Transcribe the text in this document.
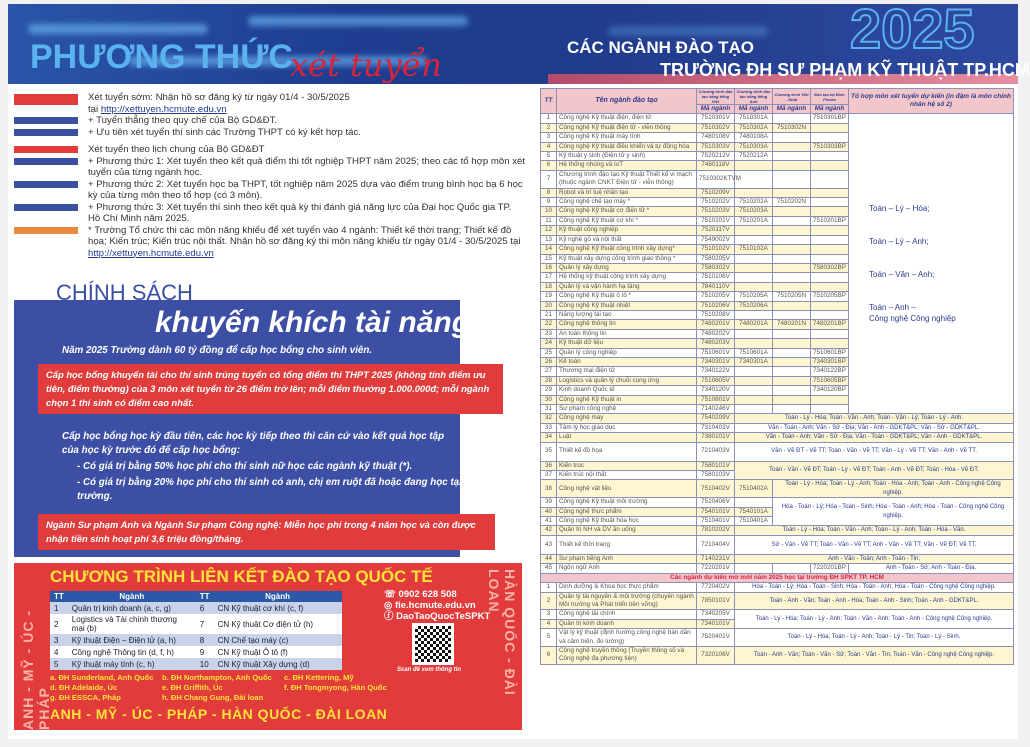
PHƯƠNG THỨC
xét tuyển	CÁC NGÀNH ĐÀO TẠO 2025
TRƯỜNG ĐH SƯ PHẠM KỸ THUẬT TP.HCM
Xét tuyển sớm: Nhận hồ sơ đăng ký từ ngày 01/4 - 30/5/2025
tại http://xettuyen.hcmute.edu.vn
+ Tuyển thẳng theo quy chế của Bộ GD&ĐT.
+ Ưu tiên xét tuyển thí sinh các Trường THPT có ký kết hợp tác.
Xét tuyển theo lịch chung của Bộ GD&ĐT
+ Phương thức 1: Xét tuyển theo kết quả điểm thi tốt nghiệp THPT năm 2025; theo các tổ hợp môn xét tuyển của từng ngành học.
+ Phương thức 2: Xét tuyển học bạ THPT, tốt nghiệp năm 2025 dựa vào điểm trung bình học bạ 6 học kỳ của từng môn theo tổ hợp (có 3 môn).
+ Phương thức 3: Xét tuyển thí sinh theo kết quả kỳ thi đánh giá năng lực của Đại học Quốc gia TP. Hồ Chí Minh năm 2025.
* Trường Tổ chức thi các môn năng khiếu để xét tuyển vào 4 ngành: Thiết kế thời trang; Thiết kế đồ họa; Kiến trúc; Kiến trúc nội thất. Nhận hồ sơ đăng ký thi môn năng khiếu từ ngày 01/4 - 30/5/2025 tại http://xettuyen.hcmute.edu.vn
CHÍNH SÁCH
khuyến khích tài năng
Năm 2025 Trường dành 60 tỷ đồng để cấp học bổng cho sinh viên.
Cấp học bổng khuyến tài cho thí sinh trúng tuyển có tổng điểm thi THPT 2025 (không tính điểm ưu tiên, điểm thưởng) của 3 môn xét tuyển từ 26 điểm trở lên; mỗi điểm thưởng 1.000.000đ; mỗi ngành chọn 1 thí sinh có điểm cao nhất.
Cấp học bổng học kỳ đầu tiên, các học kỳ tiếp theo thì căn cứ vào kết quả học tập của học kỳ trước đó để cấp học bổng:
- Có giá trị bằng 50% học phí cho thí sinh nữ học các ngành kỹ thuật (*).
- Có giá trị bằng 20% học phí cho thí sinh có anh, chị em ruột đã hoặc đang học tại trường.
Ngành Sư phạm Anh và Ngành Sư phạm Công nghệ: Miễn học phí trong 4 năm học và còn được nhận tiền sinh hoạt phí 3,6 triệu đồng/tháng.
ANH - MỸ - ÚC - PHÁP
HÀN QUỐC - ĐÀI LOAN
CHƯƠNG TRÌNH LIÊN KẾT ĐÀO TẠO QUỐC TẾ
TT	Ngành	TT	Ngành
1	Quản trị kinh doanh (a, c, g)	6	CN Kỹ thuật cơ khí (c, f)
2	Logistics và Tài chính thương mại (b)	7	CN Kỹ thuật Cơ điện tử (h)
3	Kỹ thuật Điện – Điện tử (a, h)	8	CN Chế tạo máy (c)
4	Công nghệ Thông tin (d, f, h)	9	CN Kỹ thuật Ô tô (f)
5	Kỹ thuật máy tính (c, h)	10	CN Kỹ thuật Xây dựng (d)
☏ 0902 628 508
◎ fie.hcmute.edu.vn
ⓕ DaoTaoQuocTeSPKT
Scan để xem thông tin
a. ĐH Sunderland, Anh Quốc	b. ĐH Northampton, Anh Quốc	c. ĐH Kettering, Mỹ
d. ĐH Adelaide, Úc	e. ĐH Griffith, Úc	f. ĐH Tongmyong, Hàn Quốc
g. ĐH ESSCA, Pháp	h. ĐH Chang Gung, Đài loan
ANH - MỸ - ÚC - PHÁP - HÀN QUỐC - ĐÀI LOAN
TT	Tên ngành đào tạo	Chương trình đào tạo bằng tiếng Việt	Chương trình đào tạo bằng tiếng Anh	Chương trình Việt - Nhật	Đào tạo tại Bình Phước	Tổ hợp môn xét tuyển dự kiến (in đậm là môn chính nhân hệ số 2)
		Mã ngành	Mã ngành	Mã ngành	Mã ngành	
1	Công nghệ Kỹ thuật điện, điện tử	7510301V	7510301A		7510301BP	Toán – Lý – Hóa;
Toán – Lý – Anh;
Toán – Văn – Anh;
Toán – Anh –
Công nghệ Công nghiệp

2	Công nghệ Kỹ thuật điện tử - viễn thông	7510302V	7510302A	7510302N		
3	Công nghệ Kỹ thuật máy tính	7480108V	7480108A			
4	Công nghệ Kỹ thuật điều khiển và tự động hóa	7510303V	7510303A		7510303BP	
5	Kỹ thuật y sinh (Điện tử y sinh)	7520212V	7520212A			
6	Hệ thống nhúng và IoT	7480118V				
7	Chương trình đào tạo Kỹ thuật Thiết kế vi mạch (thuộc ngành CNKT Điện tử - viễn thông)	7510302KTVM				
8	Robot và trí tuệ nhân tạo	7510209V				
9	Công nghệ chế tạo máy *	7510202V	7510202A	7510202N		
10	Công nghệ Kỹ thuật cơ điện tử *	7510203V	7510203A			
11	Công nghệ Kỹ thuật cơ khí *	7510201V	7510201A		7510201BP	
12	Kỹ thuật công nghiệp	7520117V				
13	Kỹ nghệ gỗ và nội thất	7549002V				
14	Công nghệ Kỹ thuật công trình xây dựng*	7510102V	7510102A			
15	Kỹ thuật xây dựng công trình giao thông *	7580205V				
16	Quản lý xây dựng	7580302V			7580302BP	
17	Hệ thống kỹ thuật công trình xây dựng	7510106V				
18	Quản lý và vận hành hạ tầng	7840110V				
19	Công nghệ Kỹ thuật ô tô *	7510205V	7510205A	7510205N	7510205BP	
20	Công nghệ Kỹ thuật nhiệt	7510206V	7510206A			
21	Năng lượng tái tạo	7510208V				
22	Công nghệ thông tin	7480201V	7480201A	7480201N	7480201BP	
23	An toàn thông tin	7480202V				
24	Kỹ thuật dữ liệu	7480203V				
25	Quản lý công nghiệp	7510601V	7510601A		7510601BP	
26	Kế toán	7340301V	7340301A		7340301BP	
27	Thương mại điện tử	7340122V			7340122BP	
28	Logistics và quản lý chuỗi cung ứng	7510605V			7510605BP	
29	Kinh doanh Quốc tế	7340120V			7340120BP	
30	Công nghệ Kỹ thuật in	7510801V				
31	Sư phạm công nghệ	7140246V				
32	Công nghệ may	7540209V	Toán - Lý - Hóa; Toán - Văn - Anh; Toán - Văn - Lý; Toán - Lý - Anh.			
33	Tâm lý học giáo dục	7310403V	Văn - Toán - Anh; Văn - Sử - Địa; Văn - Anh - GDKT&PL; Văn - Sử - GDKT&PL.			
34	Luật	7380101V	Văn - Toán - Anh; Văn - Sử - Địa; Văn - Toán - GDKT&PL; Văn - Anh - GDKT&PL.			
35	Thiết kế đồ họa	7210403V	Văn - Vẽ ĐT - Vẽ TT; Toán - Văn - Vẽ TT; Văn - Lý - Vẽ TT; Văn - Anh - Vẽ TT.			
36	Kiến trúc	7580101V	Toán - Văn - Vẽ ĐT; Toán - Lý - Vẽ ĐT; Toán - Anh - Vẽ ĐT; Toán - Hóa - Vẽ ĐT.			
37	Kiến trúc nội thất	7580103V				
38	Công nghệ vật liệu	7510402V	7510402A	Toán - Lý - Hóa; Toán - Lý - Anh; Toán - Hóa - Anh; Toán - Anh - Công nghệ Công nghiệp.		
39	Công nghệ Kỹ thuật môi trường	7510406V		Hóa - Toán - Lý; Hóa - Toán - Sinh; Hóa - Toán - Anh; Hóa - Toán - Công nghệ Công nghiệp.		
40	Công nghệ thực phẩm	7540101V	7540101A			
41	Công nghệ Kỹ thuật hóa học	7510401V	7510401A			
42	Quản trị NH và DV ăn uống	7810202V	Toán - Lý - Hóa; Toán - Văn - Anh; Toán - Lý - Anh; Toán - Hóa - Văn.			
43	Thiết kế thời trang	7210404V	Sử - Văn - Vẽ TT; Toán - Văn - Vẽ TT; Anh - Văn - Vẽ TT; Văn - Vẽ ĐT; Vẽ TT.			
44	Sư phạm tiếng Anh	7140231V	Anh - Văn - Toán; Anh - Toán - Tin;			
45	Ngôn ngữ Anh	7220201V			7220201BP	Anh - Toán - Sử; Anh - Toán - Địa.
Các ngành dự kiến mở mới năm 2025 học tại trường ĐH SPKT TP. HCM						
1	Dinh dưỡng & Khoa học thực phẩm	7720402V	Hóa - Toán - Lý; Hóa - Toán - Sinh; Hóa - Toán - Anh; Hóa - Toán - Công nghệ Công nghiệp.			
2	Quản lý tài nguyên & môi trường (chuyên ngành Môi trường và Phát triển bền vững)	7850101V	Toán - Anh - Văn; Toán - Anh - Hóa; Toán - Anh - Sinh; Toán - Anh - GDKT&PL.			
3	Công nghệ tài chính	7340205V	Toán - Lý - Hóa; Toán - Lý - Anh; Toán - Văn - Anh; Toán - Anh - Công nghệ Công nghiệp.			
4	Quản trị kinh doanh	7340101V				
5	Vật lý kỹ thuật (định hướng công nghệ bán dẫn và cảm biến, đo lường)	7520401V	Toán - Lý - Hóa; Toán - Lý - Anh; Toán - Lý - Tin; Toán - Lý - Sinh.			
6	Công nghệ truyền thông (Truyền thông số và Công nghệ đa phương tiện)	7320106V	Toán - Anh - Văn; Toán - Văn - Sử; Toán - Văn - Tin; Toán - Văn - Công nghệ Công nghiệp.			
